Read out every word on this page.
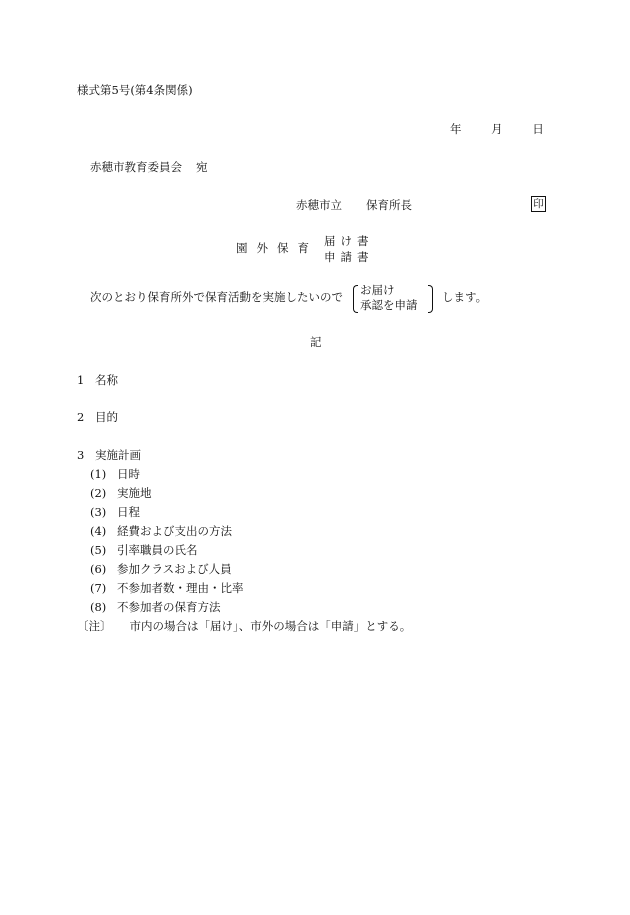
様式第5号(第4条関係)
年	月	日
赤穂市教育委員会 宛
赤穂市立 保育所長	印
園外保育 届け書
申請書
次のとおり保育所外で保育活動を実施したいので お届け
承認を申請
します。
記
1 名称
2 目的
3 実施計画
(1) 日時
(2) 実施地
(3) 日程
(4) 経費および支出の方法
(5) 引率職員の氏名
(6) 参加クラスおよび人員
(7) 不参加者数・理由・比率
(8) 不参加者の保育方法
〔注〕 市内の場合は「届け」、市外の場合は「申請」とする。
